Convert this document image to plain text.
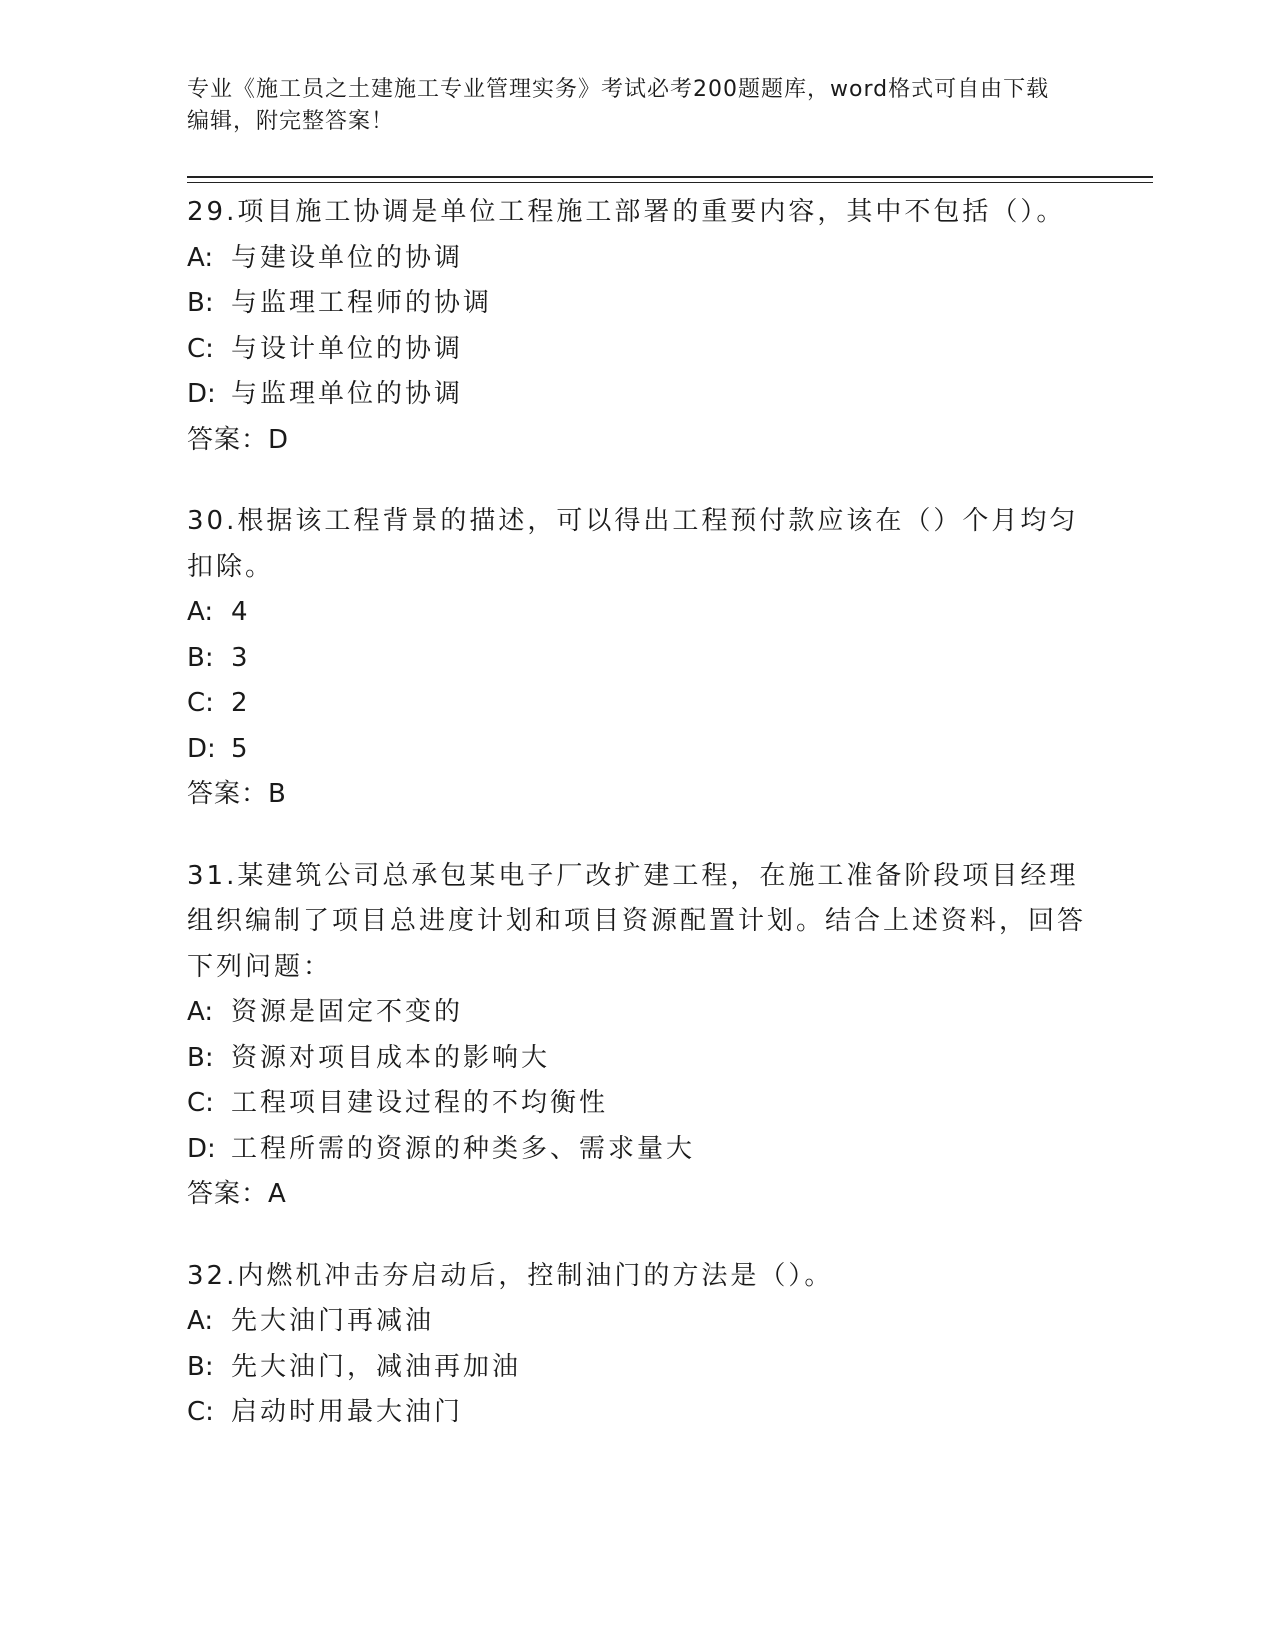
专业《施工员之土建施工专业管理实务》考试必考200题题库，word格式可自由下载编辑，附完整答案！

29.项目施工协调是单位工程施工部署的重要内容，其中不包括（）。

A: 与建设单位的协调

B: 与监理工程师的协调

C: 与设计单位的协调

D: 与监理单位的协调

答案：D

30.根据该工程背景的描述，可以得出工程预付款应该在（）个月均匀扣除。

A: 4

B: 3

C: 2

D: 5

答案：B

31.某建筑公司总承包某电子厂改扩建工程，在施工准备阶段项目经理组织编制了项目总进度计划和项目资源配置计划。结合上述资料，回答下列问题：

A: 资源是固定不变的

B: 资源对项目成本的影响大

C: 工程项目建设过程的不均衡性

D: 工程所需的资源的种类多、需求量大

答案：A

32.内燃机冲击夯启动后，控制油门的方法是（）。

A: 先大油门再减油

B: 先大油门，减油再加油

C: 启动时用最大油门
